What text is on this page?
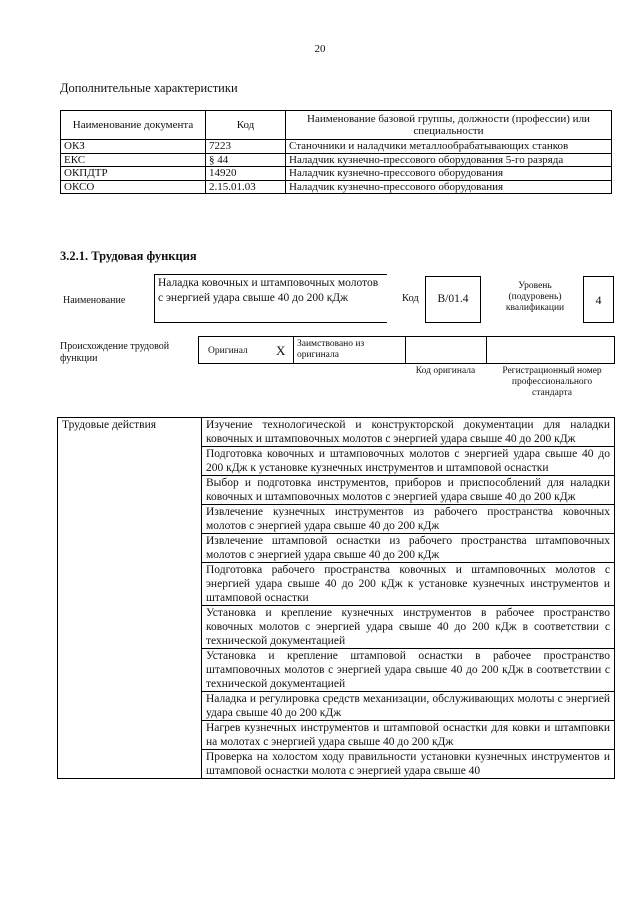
20
Дополнительные характеристики
Наименование документа	Код	Наименование базовой группы, должности (профессии) или специальности
ОКЗ	7223	Станочники и наладчики металлообрабатывающих станков
ЕКС	§ 44	Наладчик кузнечно-прессового оборудования 5-го разряда
ОКПДТР	14920	Наладчик кузнечно-прессового оборудования
ОКСО	2.15.01.03	Наладчик кузнечно-прессового оборудования
3.2.1. Трудовая функция
Наименование
Наладка ковочных и штамповочных молотов с энергией удара свыше 40 до 200 кДж	Код	B/01.4
Уровень (подуровень) квалификации
4
Происхождение трудовой функции
Оригинал X Заимствовано из оригинала
Код оригинала	Регистрационный номер профессионального стандарта
Трудовые действия	Изучение технологической и конструкторской документации для наладки ковочных и штамповочных молотов с энергией удара свыше 40 до 200 кДж
Подготовка ковочных и штамповочных молотов с энергией удара свыше 40 до 200 кДж к установке кузнечных инструментов и штамповой оснастки
Выбор и подготовка инструментов, приборов и приспособлений для наладки ковочных и штамповочных молотов с энергией удара свыше 40 до 200 кДж
Извлечение кузнечных инструментов из рабочего пространства ковочных молотов с энергией удара свыше 40 до 200 кДж
Извлечение штамповой оснастки из рабочего пространства штамповочных молотов с энергией удара свыше 40 до 200 кДж
Подготовка рабочего пространства ковочных и штамповочных молотов с энергией удара свыше 40 до 200 кДж к установке кузнечных инструментов и штамповой оснастки
Установка и крепление кузнечных инструментов в рабочее пространство ковочных молотов с энергией удара свыше 40 до 200 кДж в соответствии с технической документацией
Установка и крепление штамповой оснастки в рабочее пространство штамповочных молотов с энергией удара свыше 40 до 200 кДж в соответствии с технической документацией
Наладка и регулировка средств механизации, обслуживающих молоты с энергией удара свыше 40 до 200 кДж
Нагрев кузнечных инструментов и штамповой оснастки для ковки и штамповки на молотах с энергией удара свыше 40 до 200 кДж
Проверка на холостом ходу правильности установки кузнечных инструментов и штамповой оснастки молота с энергией удара свыше 40
